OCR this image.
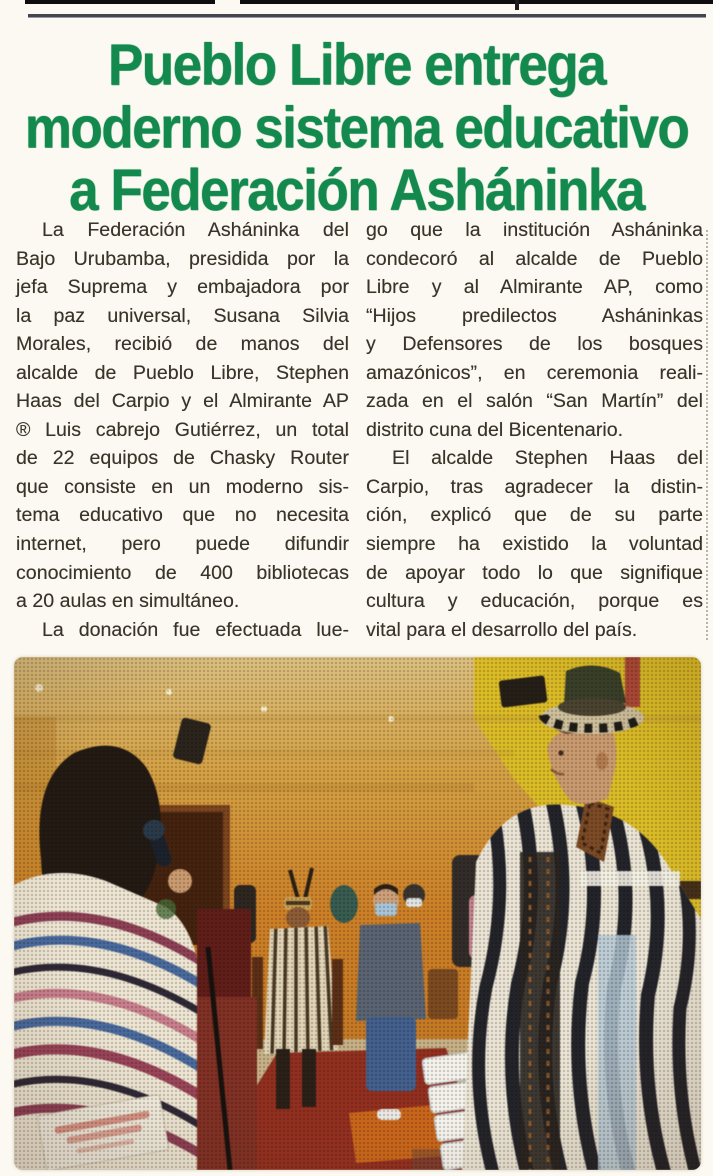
Pueblo Libre entrega
moderno sistema educativo
a Federación Asháninka
La Federación Asháninka del
Bajo Urubamba, presidida por la
jefa Suprema y embajadora por
la paz universal, Susana Silvia
Morales, recibió de manos del
alcalde de Pueblo Libre, Stephen
Haas del Carpio y el Almirante AP
® Luis cabrejo Gutiérrez, un total
de 22 equipos de Chasky Router
que consiste en un moderno sis-
tema educativo que no necesita
internet, pero puede difundir
conocimiento de 400 bibliotecas
a 20 aulas en simultáneo.
La donación fue efectuada lue-
go que la institución Asháninka
condecoró al alcalde de Pueblo
Libre y al Almirante AP, como
“Hijos predilectos Asháninkas
y Defensores de los bosques
amazónicos”, en ceremonia reali-
zada en el salón “San Martín” del
distrito cuna del Bicentenario.
El alcalde Stephen Haas del
Carpio, tras agradecer la distin-
ción, explicó que de su parte
siempre ha existido la voluntad
de apoyar todo lo que signifique
cultura y educación, porque es
vital para el desarrollo del país.
